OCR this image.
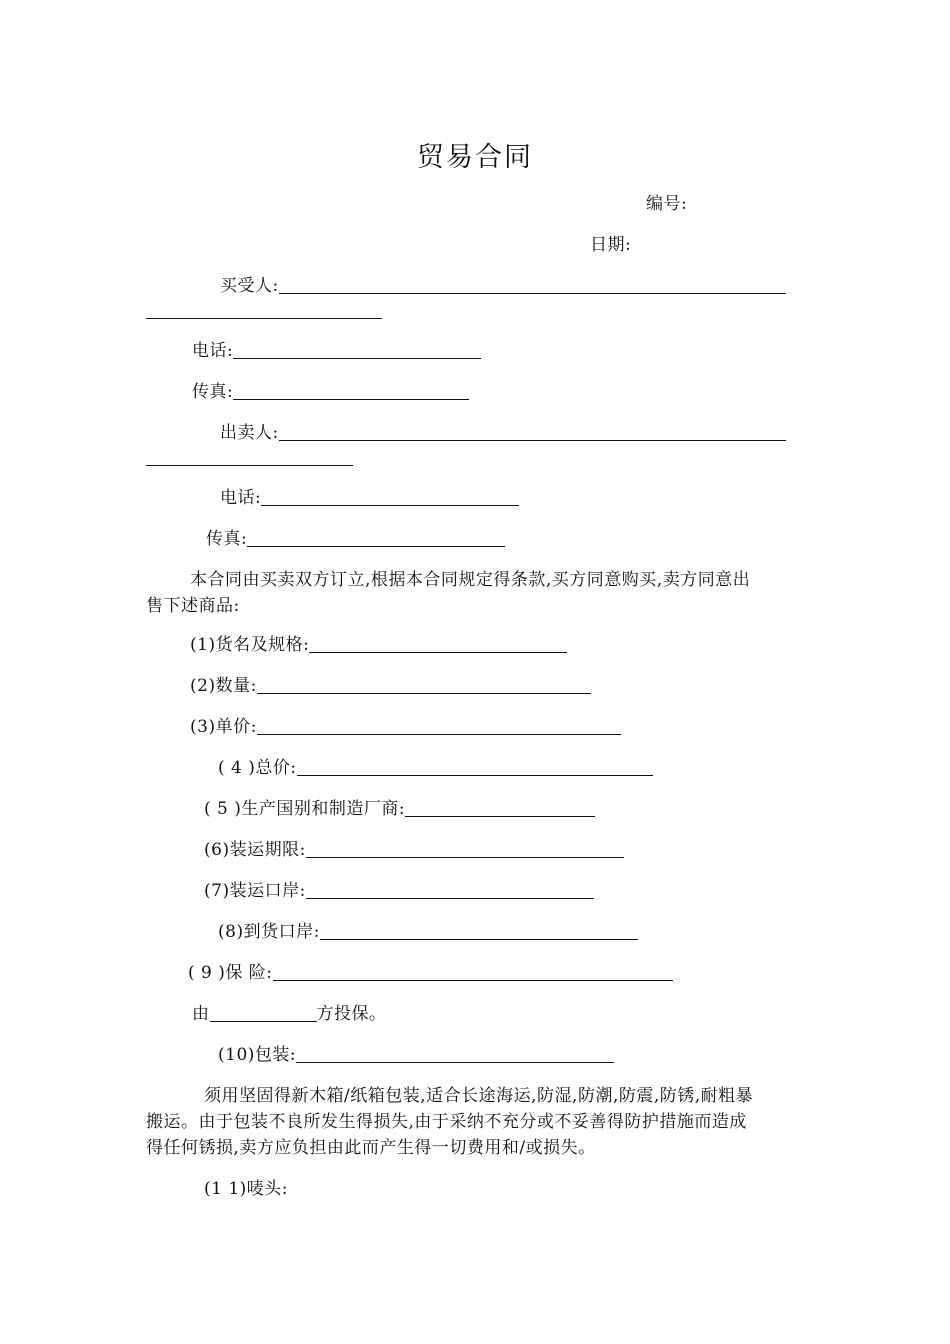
贸易合同
编号:
日期:
买受人:
电话:
传真:
出卖人:
电话:
传真:
本合同由买卖双方订立,根据本合同规定得条款,买方同意购买,卖方同意出
售下述商品:
(1)货名及规格:
(2)数量:
(3)单价:
( 4 )总价:
( 5 )生产国别和制造厂商:
(6)装运期限:
(7)装运口岸:
(8)到货口岸:
( 9 )保 险:
由	方投保。
(10)包装:
须用坚固得新木箱/纸箱包装,适合长途海运,防湿,防潮,防震,防锈,耐粗暴
搬运。由于包装不良所发生得损失,由于采纳不充分或不妥善得防护措施而造成
得任何锈损,卖方应负担由此而产生得一切费用和/或损失。
(1 1)唛头:
